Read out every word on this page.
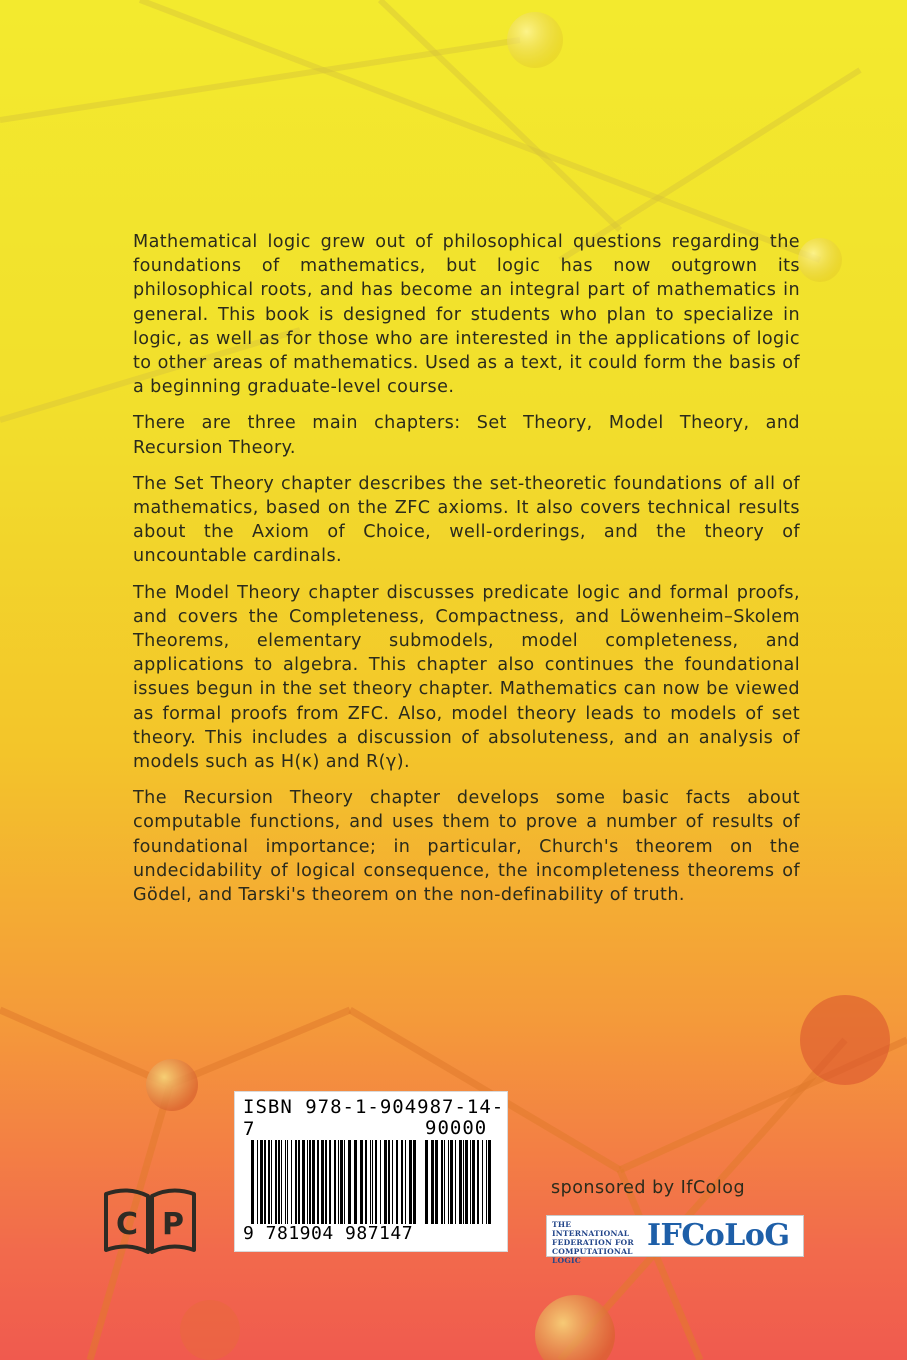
Mathematical logic grew out of philosophical questions regarding the foundations of mathematics, but logic has now outgrown its philosophical roots, and has become an integral part of mathematics in general. This book is designed for students who plan to specialize in logic, as well as for those who are interested in the applications of logic to other areas of mathematics. Used as a text, it could form the basis of a beginning graduate-level course.

There are three main chapters: Set Theory, Model Theory, and Recursion Theory.

The Set Theory chapter describes the set-theoretic foundations of all of mathematics, based on the ZFC axioms. It also covers technical results about the Axiom of Choice, well-orderings, and the theory of uncountable cardinals.

The Model Theory chapter discusses predicate logic and formal proofs, and covers the Completeness, Compactness, and Löwenheim–Skolem Theorems, elementary submodels, model completeness, and applications to algebra. This chapter also continues the foundational issues begun in the set theory chapter. Mathematics can now be viewed as formal proofs from ZFC. Also, model theory leads to models of set theory. This includes a discussion of absoluteness, and an analysis of models such as H(κ) and R(γ).

The Recursion Theory chapter develops some basic facts about computable functions, and uses them to prove a number of results of foundational importance; in particular, Church's theorem on the undecidability of logical consequence, the incompleteness theorems of Gödel, and Tarski's theorem on the non-definability of truth.

ISBN 978-1-904987-14-7	90000
9 781904 987147
C P
sponsored by IfColog
THE
INTERNATIONAL
FEDERATION FOR
COMPUTATIONAL LOGIC
IFCoLoG
